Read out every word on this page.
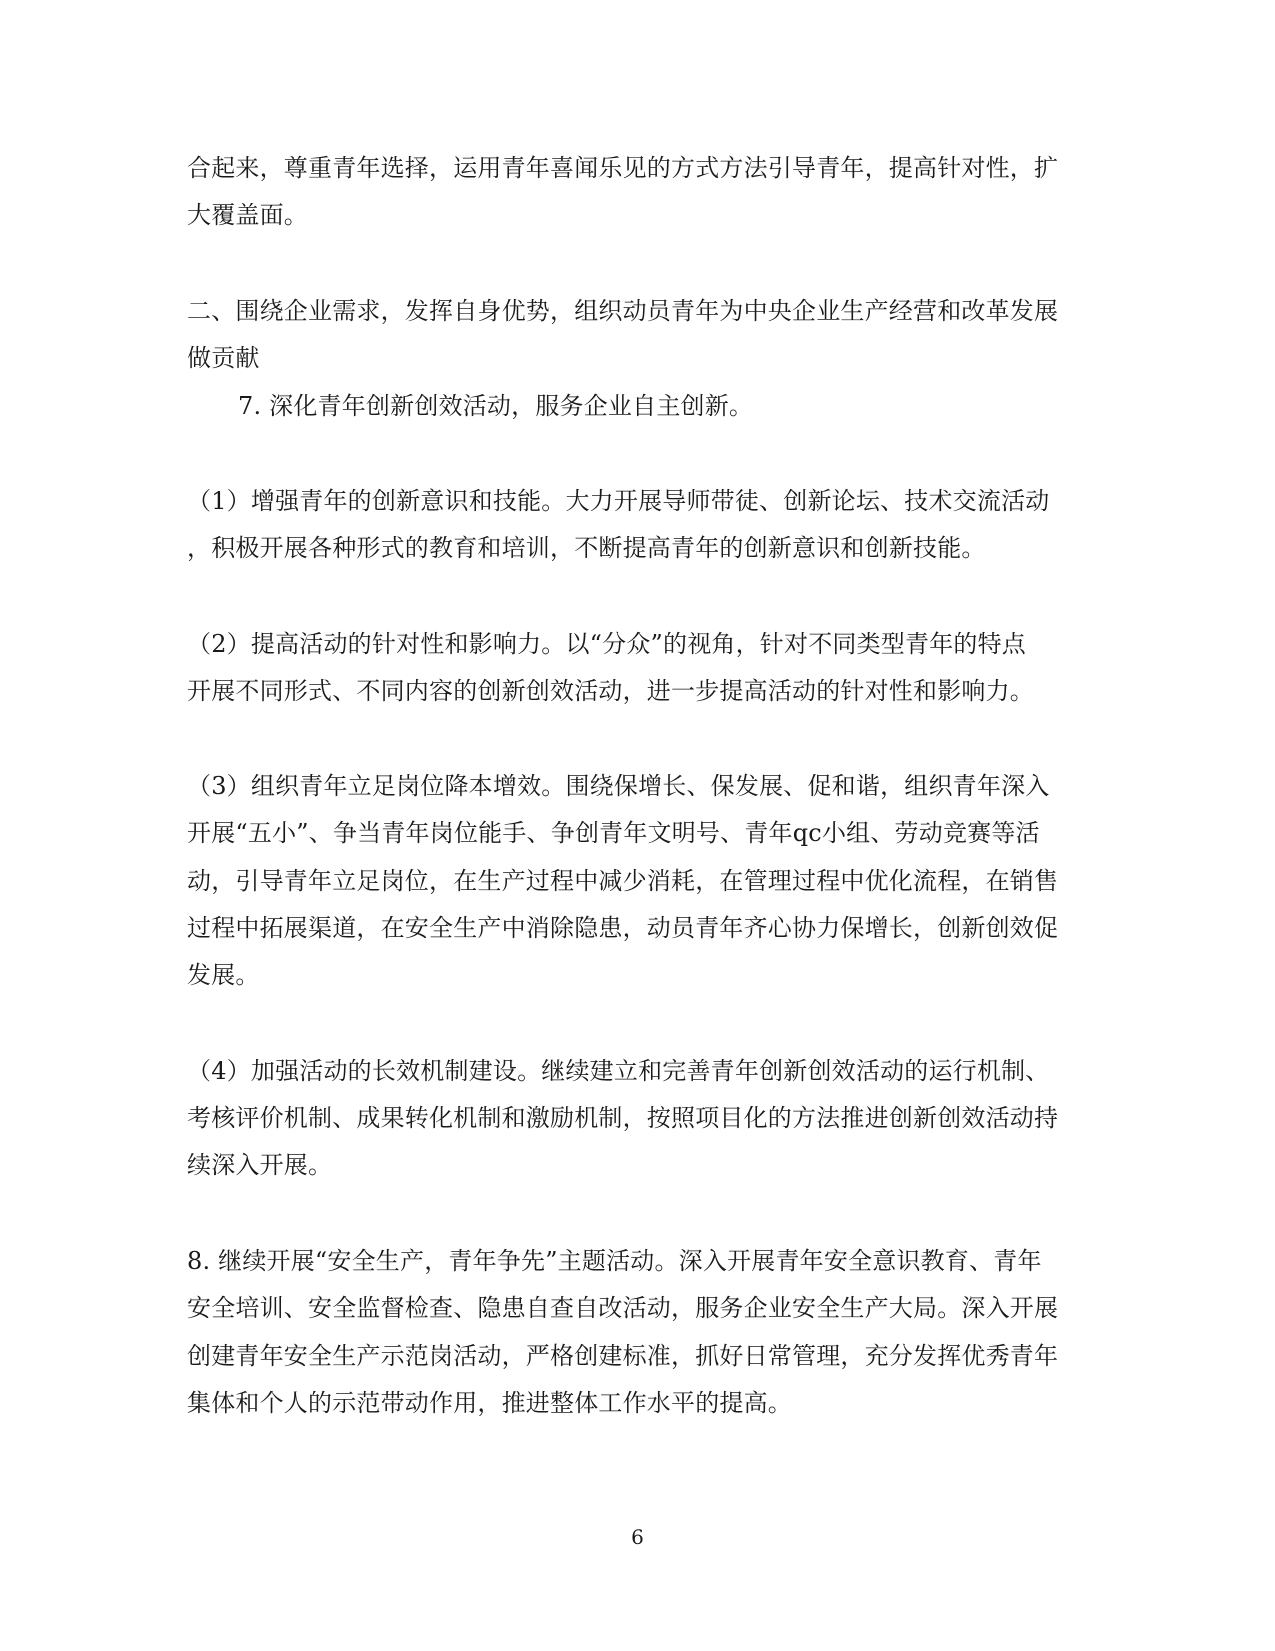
合起来，尊重青年选择，运用青年喜闻乐见的方式方法引导青年，提高针对性，扩
大覆盖面。
二、围绕企业需求，发挥自身优势，组织动员青年为中央企业生产经营和改革发展
做贡献
7. 深化青年创新创效活动，服务企业自主创新。
（1）增强青年的创新意识和技能。大力开展导师带徒、创新论坛、技术交流活动
，积极开展各种形式的教育和培训，不断提高青年的创新意识和创新技能。
（2）提高活动的针对性和影响力。以“分众”的视角，针对不同类型青年的特点
开展不同形式、不同内容的创新创效活动，进一步提高活动的针对性和影响力。
（3）组织青年立足岗位降本增效。围绕保增长、保发展、促和谐，组织青年深入
开展“五小”、争当青年岗位能手、争创青年文明号、青年qc小组、劳动竞赛等活
动，引导青年立足岗位，在生产过程中减少消耗，在管理过程中优化流程，在销售
过程中拓展渠道，在安全生产中消除隐患，动员青年齐心协力保增长，创新创效促
发展。
（4）加强活动的长效机制建设。继续建立和完善青年创新创效活动的运行机制、
考核评价机制、成果转化机制和激励机制，按照项目化的方法推进创新创效活动持
续深入开展。
8. 继续开展“安全生产，青年争先”主题活动。深入开展青年安全意识教育、青年
安全培训、安全监督检查、隐患自查自改活动，服务企业安全生产大局。深入开展
创建青年安全生产示范岗活动，严格创建标准，抓好日常管理，充分发挥优秀青年
集体和个人的示范带动作用，推进整体工作水平的提高。
6
